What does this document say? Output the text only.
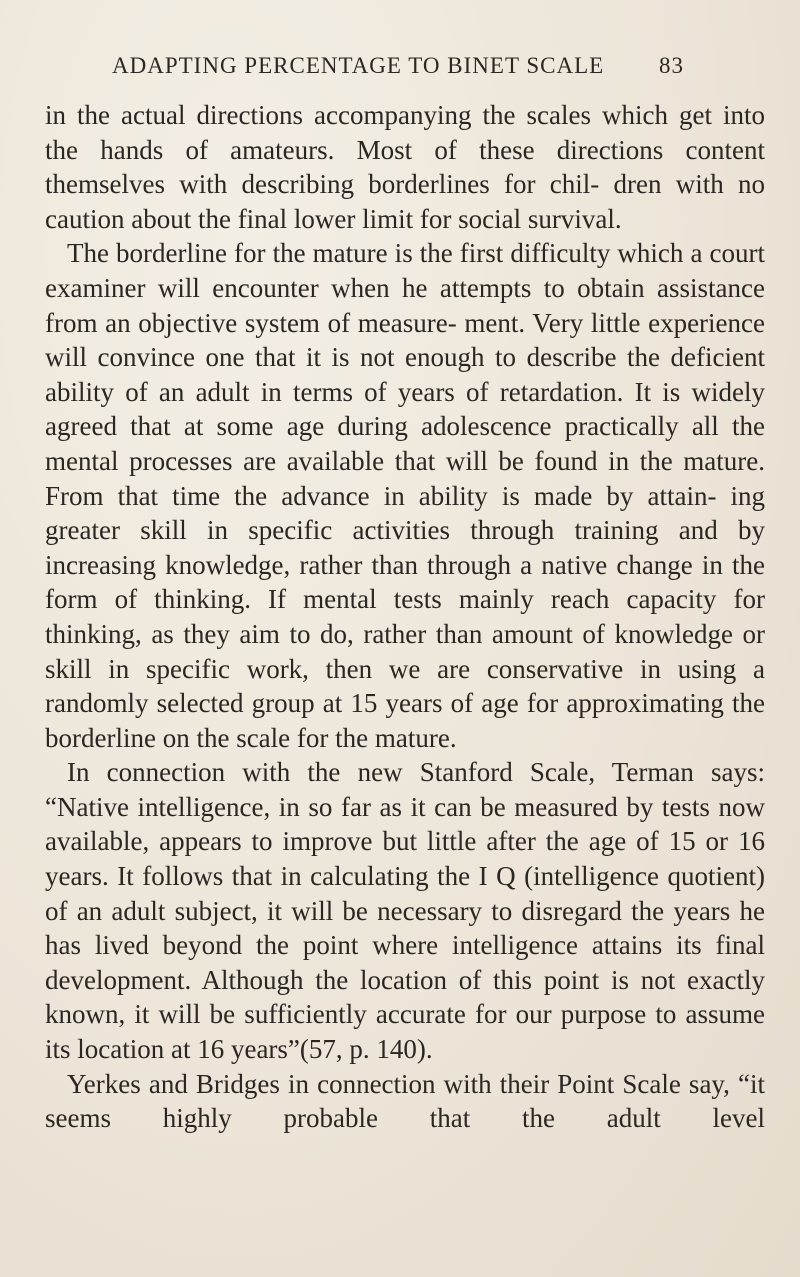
ADAPTING PERCENTAGE TO BINET SCALE 83

in the actual directions accompanying the scales which get into the hands of amateurs. Most of these directions content themselves with describing borderlines for chil- dren with no caution about the final lower limit for social survival.

The borderline for the mature is the first difficulty which a court examiner will encounter when he attempts to obtain assistance from an objective system of measure- ment. Very little experience will convince one that it is not enough to describe the deficient ability of an adult in terms of years of retardation. It is widely agreed that at some age during adolescence practically all the mental processes are available that will be found in the mature. From that time the advance in ability is made by attain- ing greater skill in specific activities through training and by increasing knowledge, rather than through a native change in the form of thinking. If mental tests mainly reach capacity for thinking, as they aim to do, rather than amount of knowledge or skill in specific work, then we are conservative in using a randomly selected group at 15 years of age for approximating the borderline on the scale for the mature.

In connection with the new Stanford Scale, Terman says: “Native intelligence, in so far as it can be measured by tests now available, appears to improve but little after the age of 15 or 16 years. It follows that in calculating the I Q (intelligence quotient) of an adult subject, it will be necessary to disregard the years he has lived beyond the point where intelligence attains its final development. Although the location of this point is not exactly known, it will be sufficiently accurate for our purpose to assume its location at 16 years”(57, p. 140).

Yerkes and Bridges in connection with their Point Scale say, “it seems highly probable that the adult level
